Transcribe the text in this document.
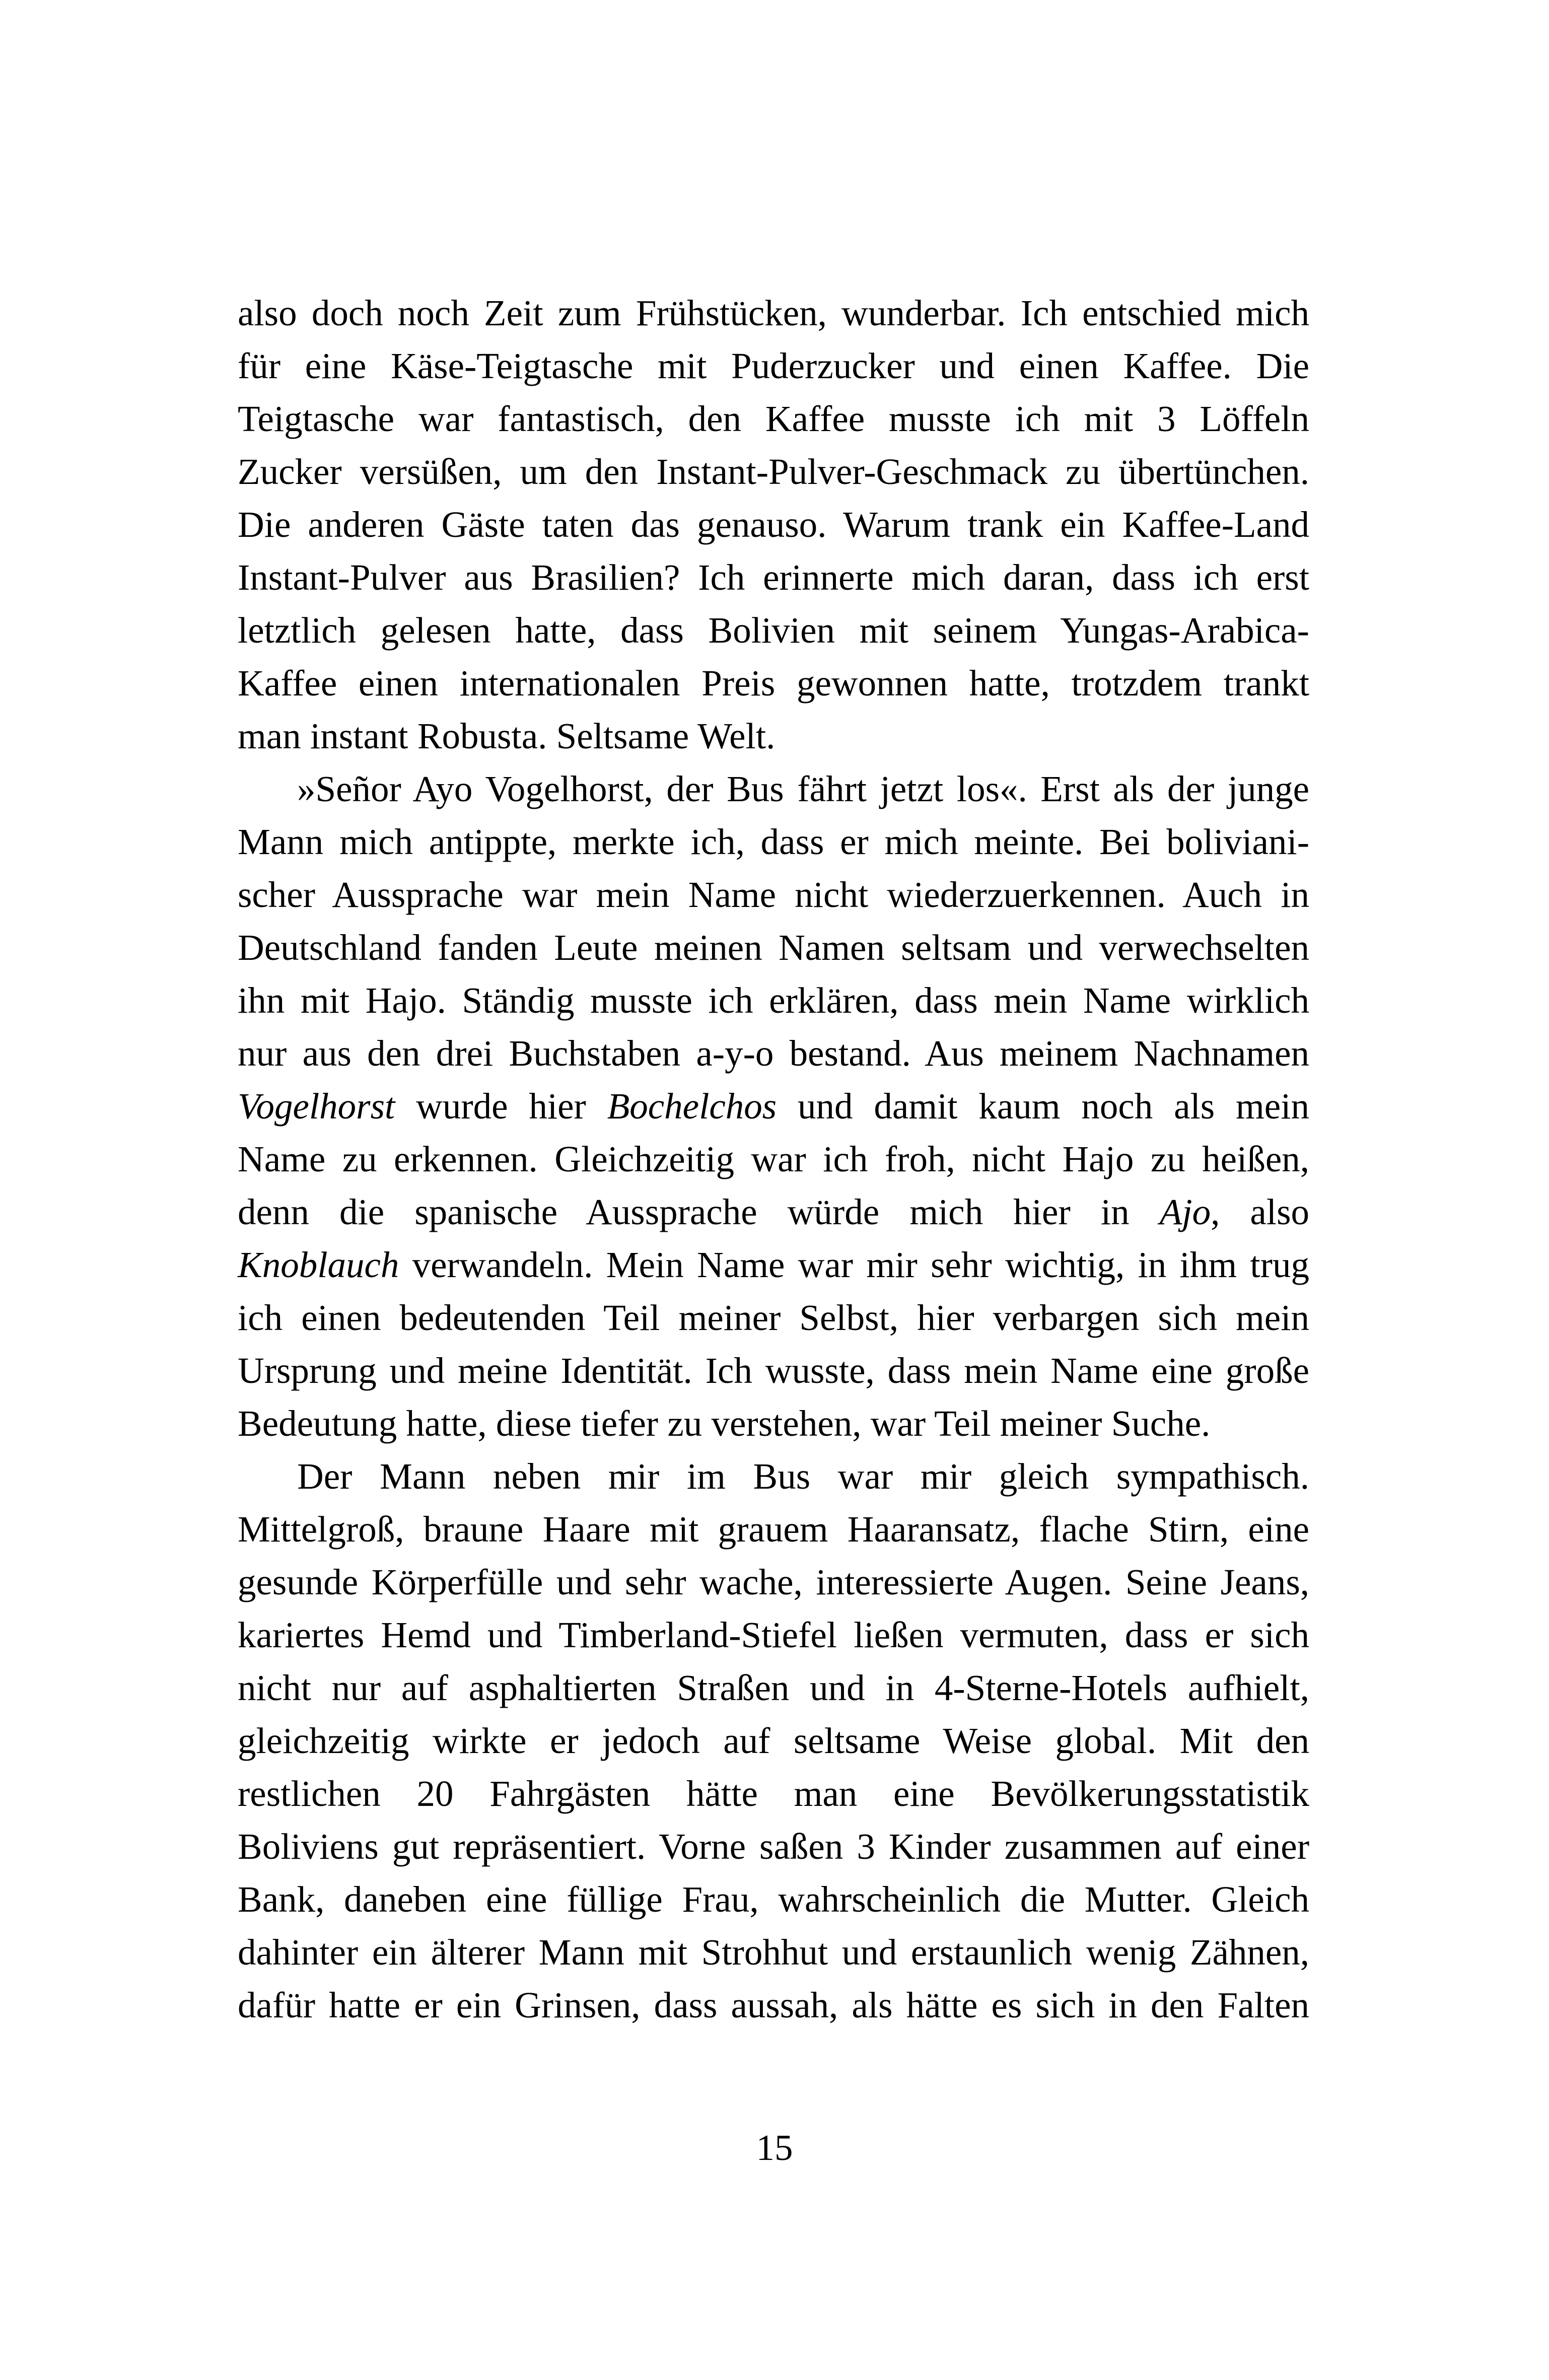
also doch noch Zeit zum Frühstücken, wunderbar. Ich entschied mich
für eine Käse-Teigtasche mit Puderzucker und einen Kaffee. Die
Teigtasche war fantastisch, den Kaffee musste ich mit 3 Löffeln
Zucker versüßen, um den Instant-Pulver-Geschmack zu übertünchen.
Die anderen Gäste taten das genauso. Warum trank ein Kaffee-Land
Instant-Pulver aus Brasilien? Ich erinnerte mich daran, dass ich erst
letztlich gelesen hatte, dass Bolivien mit seinem Yungas-Arabica-
Kaffee einen internationalen Preis gewonnen hatte, trotzdem trankt
man instant Robusta. Seltsame Welt.
»Señor Ayo Vogelhorst, der Bus fährt jetzt los«. Erst als der junge
Mann mich antippte, merkte ich, dass er mich meinte. Bei boliviani-
scher Aussprache war mein Name nicht wiederzuerkennen. Auch in
Deutschland fanden Leute meinen Namen seltsam und verwechselten
ihn mit Hajo. Ständig musste ich erklären, dass mein Name wirklich
nur aus den drei Buchstaben a-y-o bestand. Aus meinem Nachnamen
Vogelhorst wurde hier Bochelchos und damit kaum noch als mein
Name zu erkennen. Gleichzeitig war ich froh, nicht Hajo zu heißen,
denn die spanische Aussprache würde mich hier in Ajo, also
Knoblauch verwandeln. Mein Name war mir sehr wichtig, in ihm trug
ich einen bedeutenden Teil meiner Selbst, hier verbargen sich mein
Ursprung und meine Identität. Ich wusste, dass mein Name eine große
Bedeutung hatte, diese tiefer zu verstehen, war Teil meiner Suche.
Der Mann neben mir im Bus war mir gleich sympathisch.
Mittelgroß, braune Haare mit grauem Haaransatz, flache Stirn, eine
gesunde Körperfülle und sehr wache, interessierte Augen. Seine Jeans,
kariertes Hemd und Timberland-Stiefel ließen vermuten, dass er sich
nicht nur auf asphaltierten Straßen und in 4-Sterne-Hotels aufhielt,
gleichzeitig wirkte er jedoch auf seltsame Weise global. Mit den
restlichen 20 Fahrgästen hätte man eine Bevölkerungsstatistik
Boliviens gut repräsentiert. Vorne saßen 3 Kinder zusammen auf einer
Bank, daneben eine füllige Frau, wahrscheinlich die Mutter. Gleich
dahinter ein älterer Mann mit Strohhut und erstaunlich wenig Zähnen,
dafür hatte er ein Grinsen, dass aussah, als hätte es sich in den Falten
15
